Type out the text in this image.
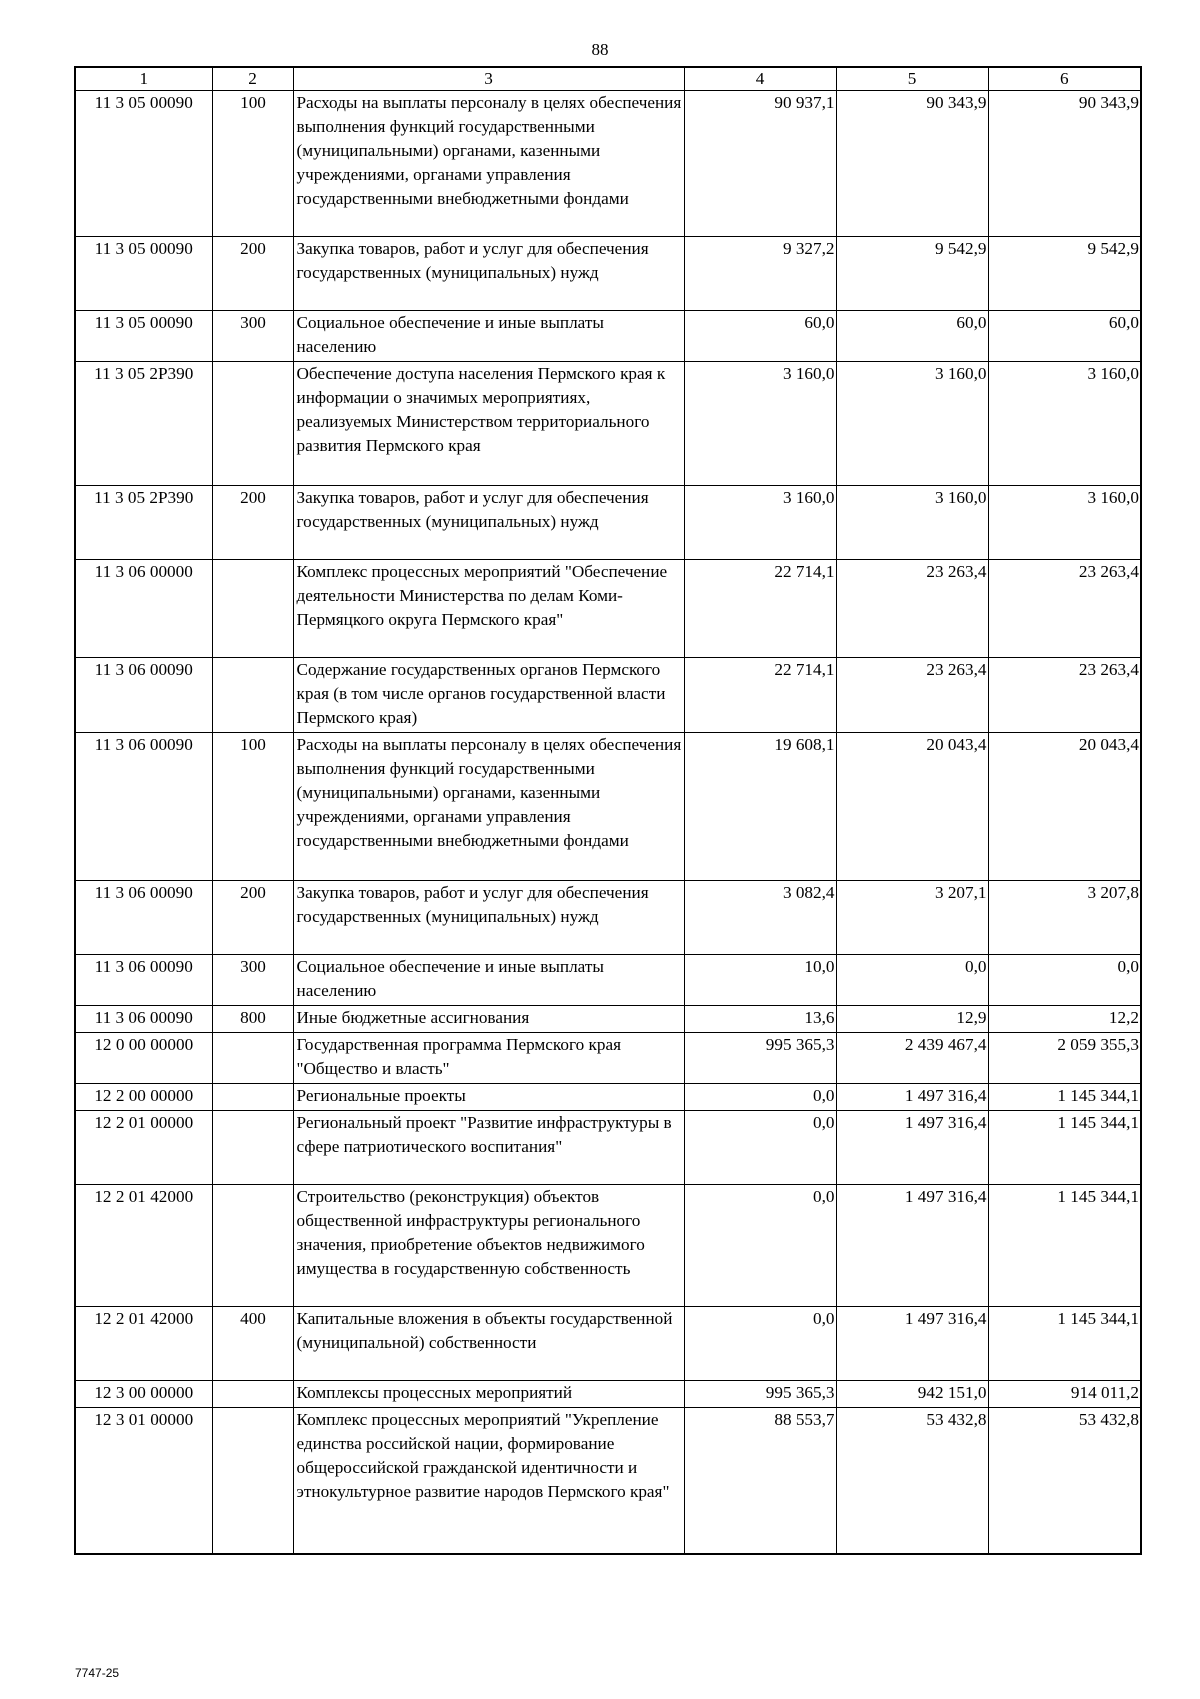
88
1	2	3	4	5	6
11 3 05 00090	100	Расходы на выплаты персоналу в целях обеспечения выполнения функций государственными (муниципальными) органами, казенными учреждениями, органами управления государственными внебюджетными фондами	90 937,1	90 343,9	90 343,9
11 3 05 00090	200	Закупка товаров, работ и услуг для обеспечения государственных (муниципальных) нужд	9 327,2	9 542,9	9 542,9
11 3 05 00090	300	Социальное обеспечение и иные выплаты населению	60,0	60,0	60,0
11 3 05 2P390		Обеспечение доступа населения Пермского края к информации о значимых мероприятиях, реализуемых Министерством территориального развития Пермского края	3 160,0	3 160,0	3 160,0
11 3 05 2P390	200	Закупка товаров, работ и услуг для обеспечения государственных (муниципальных) нужд	3 160,0	3 160,0	3 160,0
11 3 06 00000		Комплекс процессных мероприятий "Обеспечение деятельности Министерства по делам Коми-Пермяцкого округа Пермского края"	22 714,1	23 263,4	23 263,4
11 3 06 00090		Содержание государственных органов Пермского края (в том числе органов государственной власти Пермского края)	22 714,1	23 263,4	23 263,4
11 3 06 00090	100	Расходы на выплаты персоналу в целях обеспечения выполнения функций государственными (муниципальными) органами, казенными учреждениями, органами управления государственными внебюджетными фондами	19 608,1	20 043,4	20 043,4
11 3 06 00090	200	Закупка товаров, работ и услуг для обеспечения государственных (муниципальных) нужд	3 082,4	3 207,1	3 207,8
11 3 06 00090	300	Социальное обеспечение и иные выплаты населению	10,0	0,0	0,0
11 3 06 00090	800	Иные бюджетные ассигнования	13,6	12,9	12,2
12 0 00 00000		Государственная программа Пермского края "Общество и власть"	995 365,3	2 439 467,4	2 059 355,3
12 2 00 00000		Региональные проекты	0,0	1 497 316,4	1 145 344,1
12 2 01 00000		Региональный проект "Развитие инфраструктуры в сфере патриотического воспитания"	0,0	1 497 316,4	1 145 344,1
12 2 01 42000		Строительство (реконструкция) объектов общественной инфраструктуры регионального значения, приобретение объектов недвижимого имущества в государственную собственность	0,0	1 497 316,4	1 145 344,1
12 2 01 42000	400	Капитальные вложения в объекты государственной (муниципальной) собственности	0,0	1 497 316,4	1 145 344,1
12 3 00 00000		Комплексы процессных мероприятий	995 365,3	942 151,0	914 011,2
12 3 01 00000		Комплекс процессных мероприятий "Укрепление единства российской нации, формирование общероссийской гражданской идентичности и этнокультурное развитие народов Пермского края"	88 553,7	53 432,8	53 432,8
7747-25
